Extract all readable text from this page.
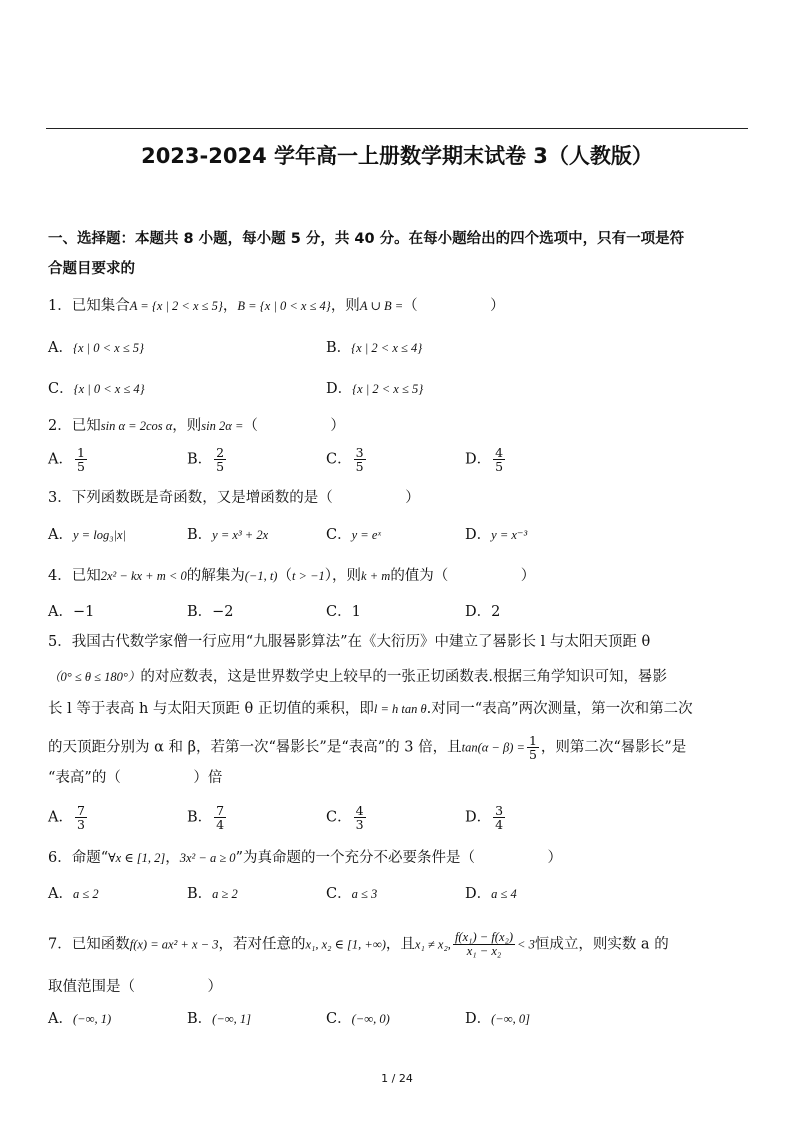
2023-2024 学年高一上册数学期末试卷 3（人教版）
一、选择题：本题共 8 小题，每小题 5 分，共 40 分。在每小题给出的四个选项中，只有一项是符
合题目要求的
1．已知集合A = {x | 2 < x ≤ 5}，B = {x | 0 < x ≤ 4}，则A ∪ B =（　　　　　）
A．{x | 0 < x ≤ 5}	B．{x | 2 < x ≤ 4}
C．{x | 0 < x ≤ 4}	D．{x | 2 < x ≤ 5}
2．已知sin α = 2cos α，则sin 2α =（　　　　　）
A． $\frac{1}{5}$	B． $\frac{2}{5}$	C． $\frac{3}{5}$	D． $\frac{4}{5}$
3．下列函数既是奇函数，又是增函数的是（　　　　　）
A．y = log₃|x|	B．y = x³ + 2x	C．y = eˣ	D．y = x⁻³
4．已知2x² − kx + m < 0的解集为(−1, t)（t > −1），则k + m的值为（　　　　　）
A．−1	B．−2	C．1	D．2
5．我国古代数学家僧一行应用“九服晷影算法”在《大衍历》中建立了晷影长 l 与太阳天顶距 θ
（0° ≤ θ ≤ 180°）的对应数表，这是世界数学史上较早的一张正切函数表.根据三角学知识可知，晷影
长 l 等于表高 h 与太阳天顶距 θ 正切值的乘积，即l = h tan θ.对同一“表高”两次测量，第一次和第二次
的天顶距分别为 α 和 β，若第一次“晷影长”是“表高”的 3 倍，且$\tan(\alpha - \beta) = \frac{1}{5}$ ，则第二次“晷影长”是
“表高”的（　　　　　）倍
A． $\frac{7}{3}$	B． $\frac{7}{4}$	C． $\frac{4}{3}$	D． $\frac{3}{4}$
6．命题“∀x ∈ [1, 2]，3x² − a ≥ 0”为真命题的一个充分不必要条件是（　　　　　）
A．a ≤ 2	B．a ≥ 2	C．a ≤ 3	D．a ≤ 4
7．已知函数f(x) = ax² + x − 3，若对任意的x₁, x₂ ∈ [1, +∞)，且x₁ ≠ x₂, $\frac{\text{f(x₁) − f(x₂)}}{\text{x₁ − x₂}} < 3$恒成立，则实数 a 的
取值范围是（　　　　　）
A．(−∞, 1)	B．(−∞, 1]	C．(−∞, 0)	D．(−∞, 0]
1 / 24
